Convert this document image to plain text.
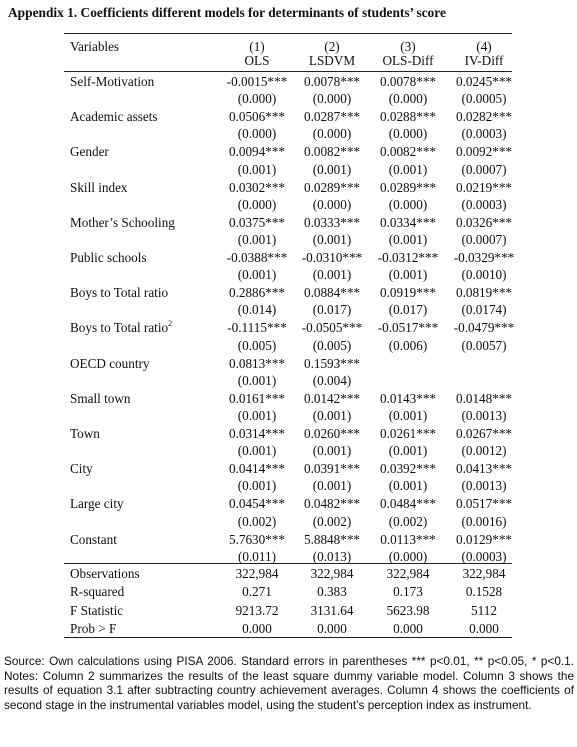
Appendix 1. Coefficients different models for determinants of students’ score
Variables	(1)	(2)	(3)	(4)
OLS	LSDVM	OLS-Diff	IV-Diff
Self-Motivation	-0.0015***	0.0078***	0.0078***	0.0245***
(0.000)	(0.000)	(0.000)	(0.0005)
Academic assets	0.0506***	0.0287***	0.0288***	0.0282***
(0.000)	(0.000)	(0.000)	(0.0003)
Gender	0.0094***	0.0082***	0.0082***	0.0092***
(0.001)	(0.001)	(0.001)	(0.0007)
Skill index	0.0302***	0.0289***	0.0289***	0.0219***
(0.000)	(0.000)	(0.000)	(0.0003)
Mother’s Schooling	0.0375***	0.0333***	0.0334***	0.0326***
(0.001)	(0.001)	(0.001)	(0.0007)
Public schools	-0.0388***	-0.0310***	-0.0312***	-0.0329***
(0.001)	(0.001)	(0.001)	(0.0010)
Boys to Total ratio	0.2886***	0.0884***	0.0919***	0.0819***
(0.014)	(0.017)	(0.017)	(0.0174)
Boys to Total ratio$^2$	-0.1115***	-0.0505***	-0.0517***	-0.0479***
(0.005)	(0.005)	(0.006)	(0.0057)
OECD country	0.0813***	0.1593***
(0.001)	(0.004)
Small town	0.0161***	0.0142***	0.0143***	0.0148***
(0.001)	(0.001)	(0.001)	(0.0013)
Town	0.0314***	0.0260***	0.0261***	0.0267***
(0.001)	(0.001)	(0.001)	(0.0012)
City	0.0414***	0.0391***	0.0392***	0.0413***
(0.001)	(0.001)	(0.001)	(0.0013)
Large city	0.0454***	0.0482***	0.0484***	0.0517***
(0.002)	(0.002)	(0.002)	(0.0016)
Constant	5.7630***	5.8848***	0.0113***	0.0129***
(0.011)	(0.013)	(0.000)	(0.0003)
Observations	322,984	322,984	322,984	322,984
R-squared	0.271	0.383	0.173	0.1528
F Statistic	9213.72	3131.64	5623.98	5112
Prob > F	0.000	0.000	0.000	0.000
Source: Own calculations using PISA 2006. Standard errors in parentheses *** p<0.01, ** p<0.05, * p<0.1. Notes: Column 2 summarizes the results of the least square dummy variable model. Column 3 shows the results of equation 3.1 after subtracting country achievement averages. Column 4 shows the coefficients of second stage in the instrumental variables model, using the student’s perception index as instrument.
